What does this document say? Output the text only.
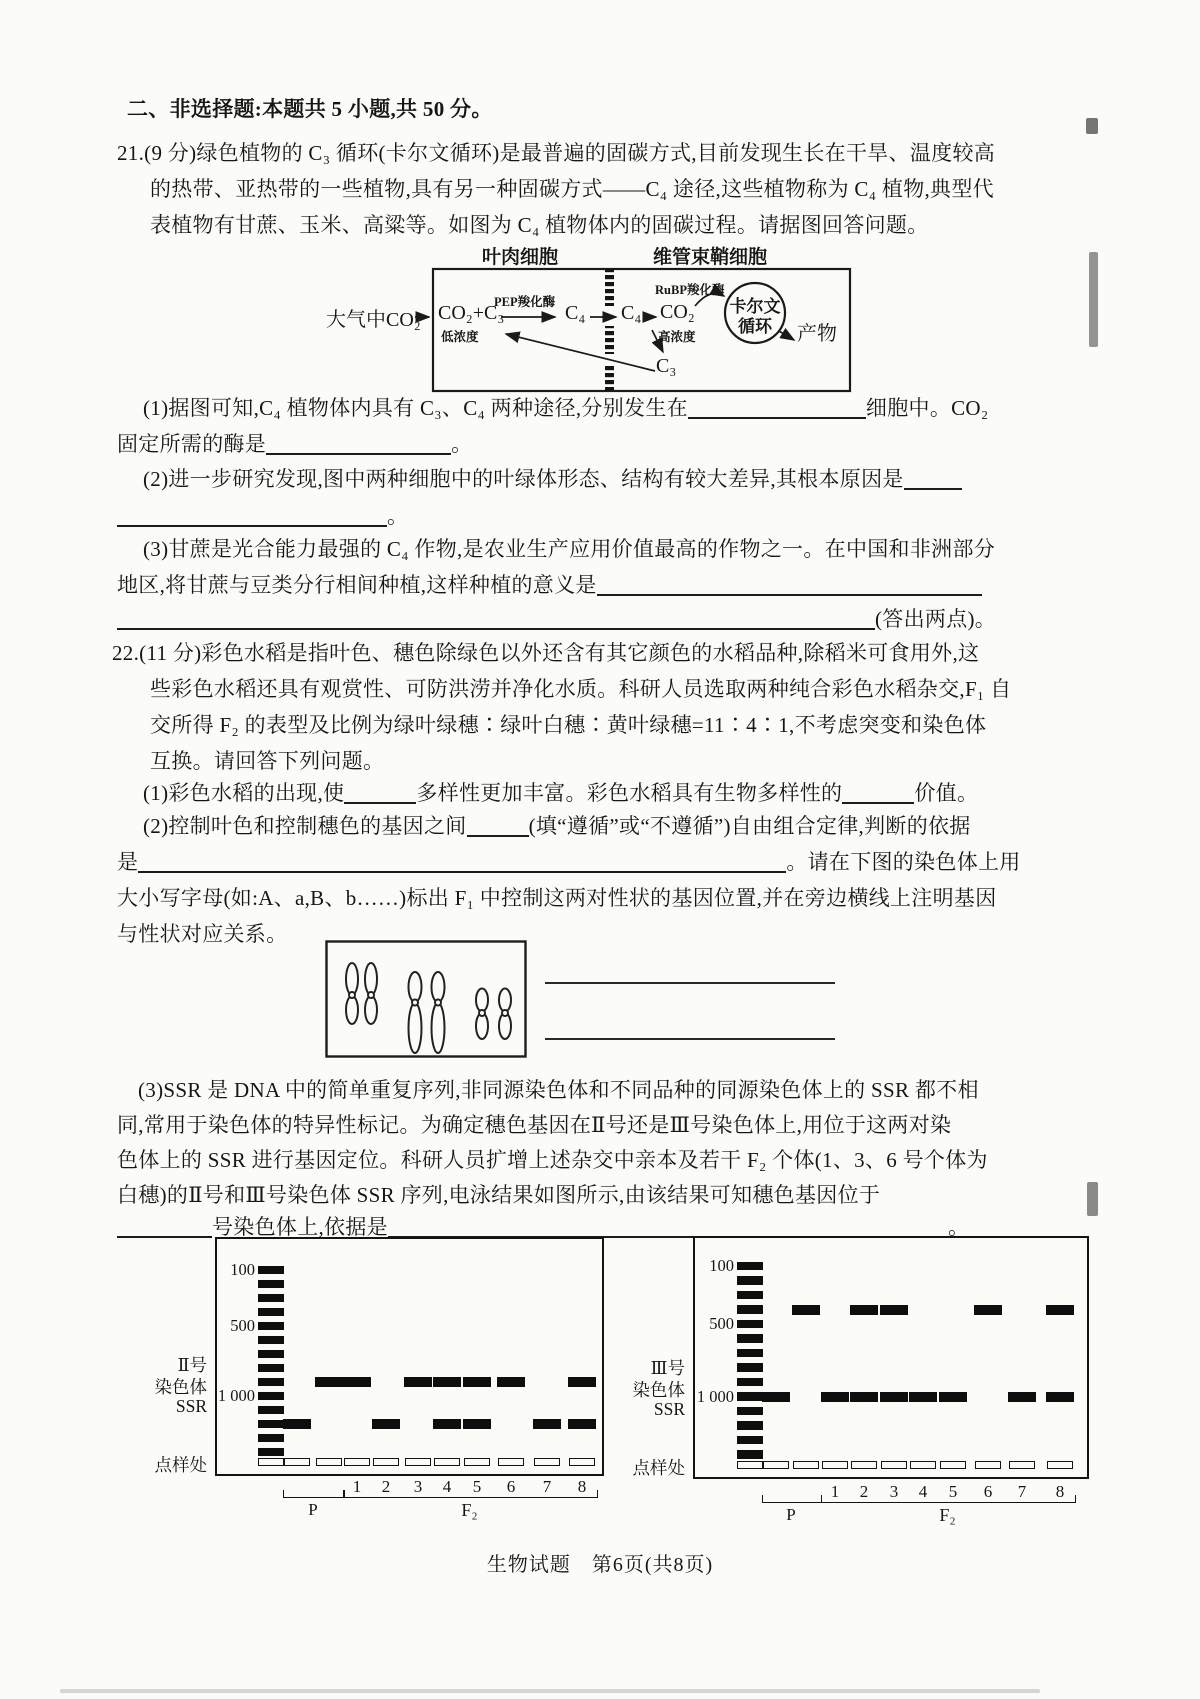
叶肉细胞	维管束鞘细胞
大气中CO₂ CO₂+C₃
低浓度
PEP羧化酶 C₄ C₄ CO₂
高浓度
RuBP羧化酶
卡尔文
循环	产物
C₃
生物试题　第6页(共8页)
二、非选择题:本题共 5 小题,共 50 分。
21.(9 分)绿色植物的 C₃ 循环(卡尔文循环)是最普遍的固碳方式,目前发现生长在干旱、温度较高
的热带、亚热带的一些植物,具有另一种固碳方式——C₄ 途径,这些植物称为 C₄ 植物,典型代
表植物有甘蔗、玉米、高粱等。如图为 C₄ 植物体内的固碳过程。请据图回答问题。
(1)据图可知,C₄ 植物体内具有 C₃、C₄ 两种途径,分别发生在	细胞中。CO₂
固定所需的酶是	。
(2)进一步研究发现,图中两种细胞中的叶绿体形态、结构有较大差异,其根本原因是
。
(3)甘蔗是光合能力最强的 C₄ 作物,是农业生产应用价值最高的作物之一。在中国和非洲部分
地区,将甘蔗与豆类分行相间种植,这样种植的意义是
(答出两点)。
22.(11 分)彩色水稻是指叶色、穗色除绿色以外还含有其它颜色的水稻品种,除稻米可食用外,这
些彩色水稻还具有观赏性、可防洪涝并净化水质。科研人员选取两种纯合彩色水稻杂交,F₁ 自
交所得 F₂ 的表型及比例为绿叶绿穗∶绿叶白穗∶黄叶绿穗=11∶4∶1,不考虑突变和染色体
互换。请回答下列问题。
(1)彩色水稻的出现,使	多样性更加丰富。彩色水稻具有生物多样性的	价值。
(2)控制叶色和控制穗色的基因之间	(填“遵循”或“不遵循”)自由组合定律,判断的依据
是	。请在下图的染色体上用
大小写字母(如:A、a,B、b……)标出 F₁ 中控制这两对性状的基因位置,并在旁边横线上注明基因
与性状对应关系。
(3)SSR 是 DNA 中的简单重复序列,非同源染色体和不同品种的同源染色体上的 SSR 都不相
同,常用于染色体的特异性标记。为确定穗色基因在Ⅱ号还是Ⅲ号染色体上,用位于这两对染
色体上的 SSR 进行基因定位。科研人员扩增上述杂交中亲本及若干 F₂ 个体(1、3、6 号个体为
白穗)的Ⅱ号和Ⅲ号染色体 SSR 序列,电泳结果如图所示,由该结果可知穗色基因位于
号染色体上,依据是	。
100
500
1 000
1	2	3	4	5	6	7	8
P	F₂
Ⅱ号
染色体
SSR
点样处
100
500
1 000
1	2	3	4	5	6	7	8
P	F₂
Ⅲ号
染色体
SSR
点样处
